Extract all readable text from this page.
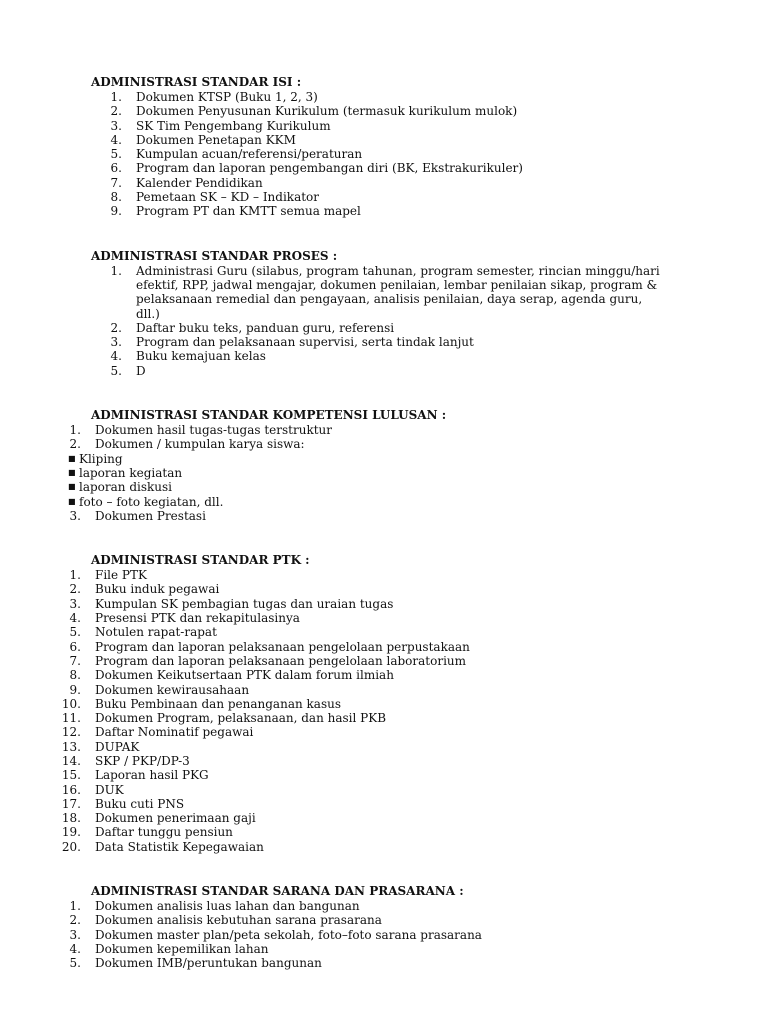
ADMINISTRASI STANDAR ISI :
1.	Dokumen KTSP (Buku 1, 2, 3)
2.	Dokumen Penyusunan Kurikulum (termasuk kurikulum mulok)
3.	SK Tim Pengembang Kurikulum
4.	Dokumen Penetapan KKM
5.	Kumpulan acuan/referensi/peraturan
6.	Program dan laporan pengembangan diri (BK, Ekstrakurikuler)
7.	Kalender Pendidikan
8.	Pemetaan SK – KD – Indikator
9.	Program PT dan KMTT semua mapel
ADMINISTRASI STANDAR PROSES :
1.	Administrasi Guru (silabus, program tahunan, program semester, rincian minggu/hari efektif, RPP, jadwal mengajar, dokumen penilaian, lembar penilaian sikap, program & pelaksanaan remedial dan pengayaan, analisis penilaian, daya serap, agenda guru, dll.)
2.	Daftar buku teks, panduan guru, referensi
3.	Program dan pelaksanaan supervisi, serta tindak lanjut
4.	Buku kemajuan kelas
5.	D
ADMINISTRASI STANDAR KOMPETENSI LULUSAN :
1.	Dokumen hasil tugas-tugas terstruktur
2.	Dokumen / kumpulan karya siswa:
■ Kliping
■ laporan kegiatan
■ laporan diskusi
■ foto – foto kegiatan, dll.
3.	Dokumen Prestasi
ADMINISTRASI STANDAR PTK :
1.	File PTK
2.	Buku induk pegawai
3.	Kumpulan SK pembagian tugas dan uraian tugas
4.	Presensi PTK dan rekapitulasinya
5.	Notulen rapat-rapat
6.	Program dan laporan pelaksanaan pengelolaan perpustakaan
7.	Program dan laporan pelaksanaan pengelolaan laboratorium
8.	Dokumen Keikutsertaan PTK dalam forum ilmiah
9.	Dokumen kewirausahaan
10.	Buku Pembinaan dan penanganan kasus
11.	Dokumen Program, pelaksanaan, dan hasil PKB
12.	Daftar Nominatif pegawai
13.	DUPAK
14.	SKP / PKP/DP-3
15.	Laporan hasil PKG
16.	DUK
17.	Buku cuti PNS
18.	Dokumen penerimaan gaji
19.	Daftar tunggu pensiun
20.	Data Statistik Kepegawaian
ADMINISTRASI STANDAR SARANA DAN PRASARANA :
1.	Dokumen analisis luas lahan dan bangunan
2.	Dokumen analisis kebutuhan sarana prasarana
3.	Dokumen master plan/peta sekolah, foto–foto sarana prasarana
4.	Dokumen kepemilikan lahan
5.	Dokumen IMB/peruntukan bangunan
